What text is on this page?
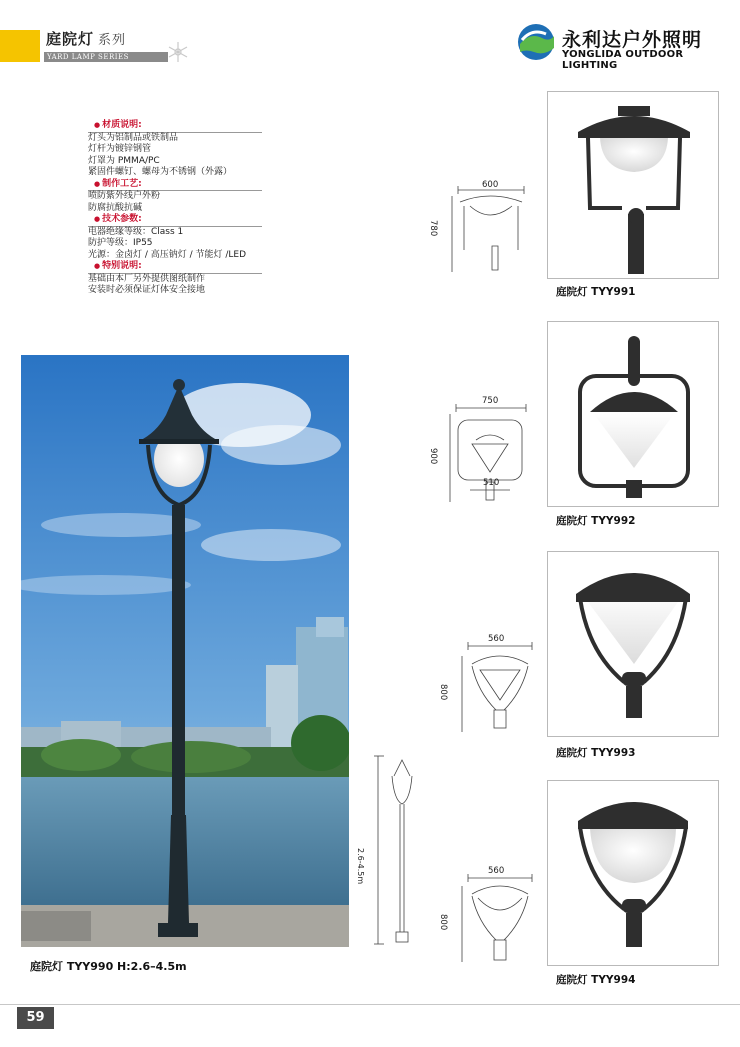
庭院灯 系列
YARD LAMP SERIES
永利达户外照明
YONGLIDA OUTDOOR LIGHTING
● 材质说明:
灯头为铝制品或铁制品
灯杆为镀锌钢管
灯罩为 PMMA/PC
紧固件螺钉、螺母为不锈钢（外露）
● 制作工艺:
喷防紫外线户外粉
防腐抗酸抗碱
● 技术参数:
电器绝缘等级：Class 1
防护等级：IP55
光源：金卤灯 / 高压钠灯 / 节能灯 /LED
● 特别说明:
基础由本厂另外提供图纸制作
安装时必须保证灯体安全接地
庭院灯 TYY990 H:2.6–4.5m
2.6-4.5m
600
780
750
510
900
560
800
560
800
庭院灯 TYY991
庭院灯 TYY992
庭院灯 TYY993
庭院灯 TYY994
59
